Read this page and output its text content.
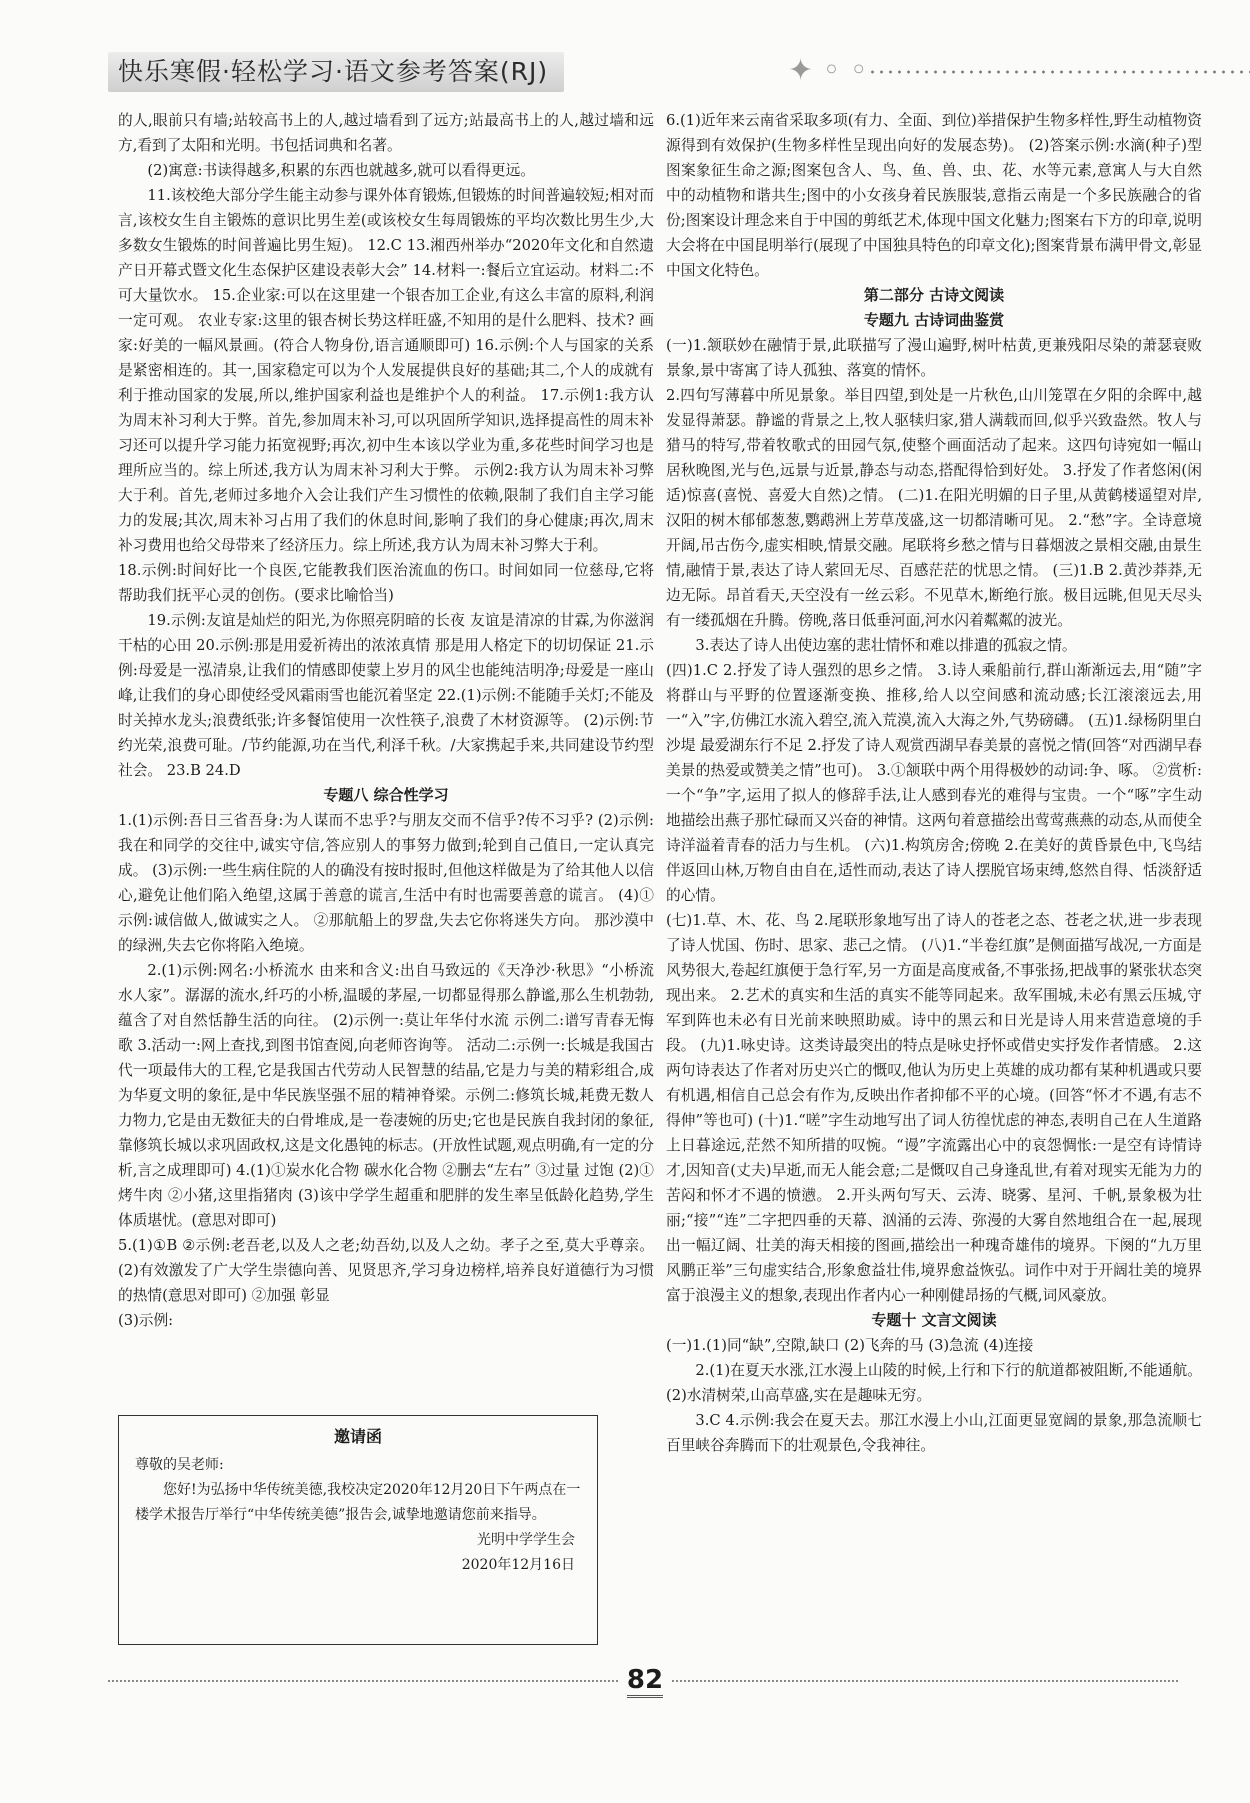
快乐寒假·轻松学习·语文参考答案(RJ)	✦ ◦ ◦

的人,眼前只有墙;站较高书上的人,越过墙看到了远方;站最高书上的人,越过墙和远方,看到了太阳和光明。书包括词典和名著。

(2)寓意:书读得越多,积累的东西也就越多,就可以看得更远。

11.该校绝大部分学生能主动参与课外体育锻炼,但锻炼的时间普遍较短;相对而言,该校女生自主锻炼的意识比男生差(或该校女生每周锻炼的平均次数比男生少,大多数女生锻炼的时间普遍比男生短)。 12.C 13.湘西州举办“2020年文化和自然遗产日开幕式暨文化生态保护区建设表彰大会” 14.材料一:餐后立宜运动。材料二:不可大量饮水。 15.企业家:可以在这里建一个银杏加工企业,有这么丰富的原料,利润一定可观。 农业专家:这里的银杏树长势这样旺盛,不知用的是什么肥料、技术? 画家:好美的一幅风景画。(符合人物身份,语言通顺即可) 16.示例:个人与国家的关系是紧密相连的。其一,国家稳定可以为个人发展提供良好的基础;其二,个人的成就有利于推动国家的发展,所以,维护国家利益也是维护个人的利益。 17.示例1:我方认为周末补习利大于弊。首先,参加周末补习,可以巩固所学知识,选择提高性的周末补习还可以提升学习能力拓宽视野;再次,初中生本该以学业为重,多花些时间学习也是理所应当的。综上所述,我方认为周末补习利大于弊。 示例2:我方认为周末补习弊大于利。首先,老师过多地介入会让我们产生习惯性的依赖,限制了我们自主学习能力的发展;其次,周末补习占用了我们的休息时间,影响了我们的身心健康;再次,周末补习费用也给父母带来了经济压力。综上所述,我方认为周末补习弊大于利。

18.示例:时间好比一个良医,它能教我们医治流血的伤口。时间如同一位慈母,它将帮助我们抚平心灵的创伤。(要求比喻恰当)

19.示例:友谊是灿烂的阳光,为你照亮阴暗的长夜 友谊是清凉的甘霖,为你滋润干枯的心田 20.示例:那是用爱祈祷出的浓浓真情 那是用人格定下的切切保证 21.示例:母爱是一泓清泉,让我们的情感即使蒙上岁月的风尘也能纯洁明净;母爱是一座山峰,让我们的身心即使经受风霜雨雪也能沉着坚定 22.(1)示例:不能随手关灯;不能及时关掉水龙头;浪费纸张;许多餐馆使用一次性筷子,浪费了木材资源等。 (2)示例:节约光荣,浪费可耻。/节约能源,功在当代,利泽千秋。/大家携起手来,共同建设节约型社会。 23.B 24.D

专题八 综合性学习

1.(1)示例:吾日三省吾身:为人谋而不忠乎?与朋友交而不信乎?传不习乎? (2)示例:我在和同学的交往中,诚实守信,答应别人的事努力做到;轮到自己值日,一定认真完成。 (3)示例:一些生病住院的人的确没有按时报时,但他这样做是为了给其他人以信心,避免让他们陷入绝望,这属于善意的谎言,生活中有时也需要善意的谎言。 (4)①示例:诚信做人,做诚实之人。 ②那航船上的罗盘,失去它你将迷失方向。 那沙漠中的绿洲,失去它你将陷入绝境。

2.(1)示例:网名:小桥流水 由来和含义:出自马致远的《天净沙·秋思》“小桥流水人家”。潺潺的流水,纤巧的小桥,温暖的茅屋,一切都显得那么静谧,那么生机勃勃,蕴含了对自然恬静生活的向往。 (2)示例一:莫让年华付水流 示例二:谱写青春无悔歌 3.活动一:网上查找,到图书馆查阅,向老师咨询等。 活动二:示例一:长城是我国古代一项最伟大的工程,它是我国古代劳动人民智慧的结晶,它是力与美的精彩组合,成为华夏文明的象征,是中华民族坚强不屈的精神脊梁。示例二:修筑长城,耗费无数人力物力,它是由无数征夫的白骨堆成,是一卷凄婉的历史;它也是民族自我封闭的象征,靠修筑长城以求巩固政权,这是文化愚钝的标志。(开放性试题,观点明确,有一定的分析,言之成理即可) 4.(1)①炭水化合物 碳水化合物 ②删去“左右” ③过量 过饱 (2)①烤牛肉 ②小猪,这里指猪肉 (3)该中学学生超重和肥胖的发生率呈低龄化趋势,学生体质堪忧。(意思对即可)

5.(1)①B ②示例:老吾老,以及人之老;幼吾幼,以及人之幼。孝子之至,莫大乎尊亲。 (2)有效激发了广大学生崇德向善、见贤思齐,学习身边榜样,培养良好道德行为习惯的热情(意思对即可) ②加强 彰显

(3)示例:

邀请函

尊敬的吴老师:

您好!为弘扬中华传统美德,我校决定2020年12月20日下午两点在一楼学术报告厅举行“中华传统美德”报告会,诚挚地邀请您前来指导。

光明中学学生会

2020年12月16日

6.(1)近年来云南省采取多项(有力、全面、到位)举措保护生物多样性,野生动植物资源得到有效保护(生物多样性呈现出向好的发展态势)。 (2)答案示例:水滴(种子)型图案象征生命之源;图案包含人、鸟、鱼、兽、虫、花、水等元素,意寓人与大自然中的动植物和谐共生;图中的小女孩身着民族服装,意指云南是一个多民族融合的省份;图案设计理念来自于中国的剪纸艺术,体现中国文化魅力;图案右下方的印章,说明大会将在中国昆明举行(展现了中国独具特色的印章文化);图案背景布满甲骨文,彰显中国文化特色。

第二部分 古诗文阅读

专题九 古诗词曲鉴赏

(一)1.颔联妙在融情于景,此联描写了漫山遍野,树叶枯黄,更兼残阳尽染的萧瑟衰败景象,景中寄寓了诗人孤独、落寞的情怀。

2.四句写薄暮中所见景象。举目四望,到处是一片秋色,山川笼罩在夕阳的余晖中,越发显得萧瑟。静谧的背景之上,牧人驱犊归家,猎人满载而回,似乎兴致盎然。牧人与猎马的特写,带着牧歌式的田园气氛,使整个画面活动了起来。这四句诗宛如一幅山居秋晚图,光与色,远景与近景,静态与动态,搭配得恰到好处。 3.抒发了作者悠闲(闲适)惊喜(喜悦、喜爱大自然)之情。 (二)1.在阳光明媚的日子里,从黄鹤楼遥望对岸,汉阳的树木郁郁葱葱,鹦鹉洲上芳草茂盛,这一切都清晰可见。 2.“愁”字。全诗意境开阔,吊古伤今,虚实相映,情景交融。尾联将乡愁之情与日暮烟波之景相交融,由景生情,融情于景,表达了诗人萦回无尽、百感茫茫的忧思之情。 (三)1.B 2.黄沙莽莽,无边无际。昂首看天,天空没有一丝云彩。不见草木,断绝行旅。极目远眺,但见天尽头有一缕孤烟在升腾。傍晚,落日低垂河面,河水闪着粼粼的波光。

3.表达了诗人出使边塞的悲壮情怀和难以排遣的孤寂之情。

(四)1.C 2.抒发了诗人强烈的思乡之情。 3.诗人乘船前行,群山渐渐远去,用“随”字将群山与平野的位置逐渐变换、推移,给人以空间感和流动感;长江滚滚远去,用一“入”字,仿佛江水流入碧空,流入荒漠,流入大海之外,气势磅礴。 (五)1.绿杨阴里白沙堤 最爱湖东行不足 2.抒发了诗人观赏西湖早春美景的喜悦之情(回答“对西湖早春美景的热爱或赞美之情”也可)。 3.①颔联中两个用得极妙的动词:争、啄。 ②赏析:一个“争”字,运用了拟人的修辞手法,让人感到春光的难得与宝贵。一个“啄”字生动地描绘出燕子那忙碌而又兴奋的神情。这两句着意描绘出莺莺燕燕的动态,从而使全诗洋溢着青春的活力与生机。 (六)1.构筑房舍;傍晚 2.在美好的黄昏景色中,飞鸟结伴返回山林,万物自由自在,适性而动,表达了诗人摆脱官场束缚,悠然自得、恬淡舒适的心情。

(七)1.草、木、花、鸟 2.尾联形象地写出了诗人的苍老之态、苍老之状,进一步表现了诗人忧国、伤时、思家、悲己之情。 (八)1.“半卷红旗”是侧面描写战况,一方面是风势很大,卷起红旗便于急行军,另一方面是高度戒备,不事张扬,把战事的紧张状态突现出来。 2.艺术的真实和生活的真实不能等同起来。敌军围城,未必有黑云压城,守军到阵也未必有日光前来映照助威。诗中的黑云和日光是诗人用来营造意境的手段。 (九)1.咏史诗。这类诗最突出的特点是咏史抒怀或借史实抒发作者情感。 2.这两句诗表达了作者对历史兴亡的慨叹,他认为历史上英雄的成功都有某种机遇或只要有机遇,相信自己总会有作为,反映出作者抑郁不平的心境。(回答“怀才不遇,有志不得伸”等也可) (十)1.“嗟”字生动地写出了词人彷徨忧虑的神态,表明自己在人生道路上日暮途远,茫然不知所措的叹惋。“谩”字流露出心中的哀怨惆怅:一是空有诗情诗才,因知音(丈夫)早逝,而无人能会意;二是慨叹自己身逢乱世,有着对现实无能为力的苦闷和怀才不遇的愤懑。 2.开头两句写天、云涛、晓雾、星河、千帆,景象极为壮丽;“接”“连”二字把四垂的天幕、汹涌的云涛、弥漫的大雾自然地组合在一起,展现出一幅辽阔、壮美的海天相接的图画,描绘出一种瑰奇雄伟的境界。下阕的“九万里风鹏正举”三句虚实结合,形象愈益壮伟,境界愈益恢弘。词作中对于开阔壮美的境界富于浪漫主义的想象,表现出作者内心一种刚健昂扬的气概,词风豪放。

专题十 文言文阅读

(一)1.(1)同“缺”,空隙,缺口 (2)飞奔的马 (3)急流 (4)连接

2.(1)在夏天水涨,江水漫上山陵的时候,上行和下行的航道都被阻断,不能通航。 (2)水清树荣,山高草盛,实在是趣味无穷。

3.C 4.示例:我会在夏天去。那江水漫上小山,江面更显宽阔的景象,那急流顺七百里峡谷奔腾而下的壮观景色,令我神往。

82
